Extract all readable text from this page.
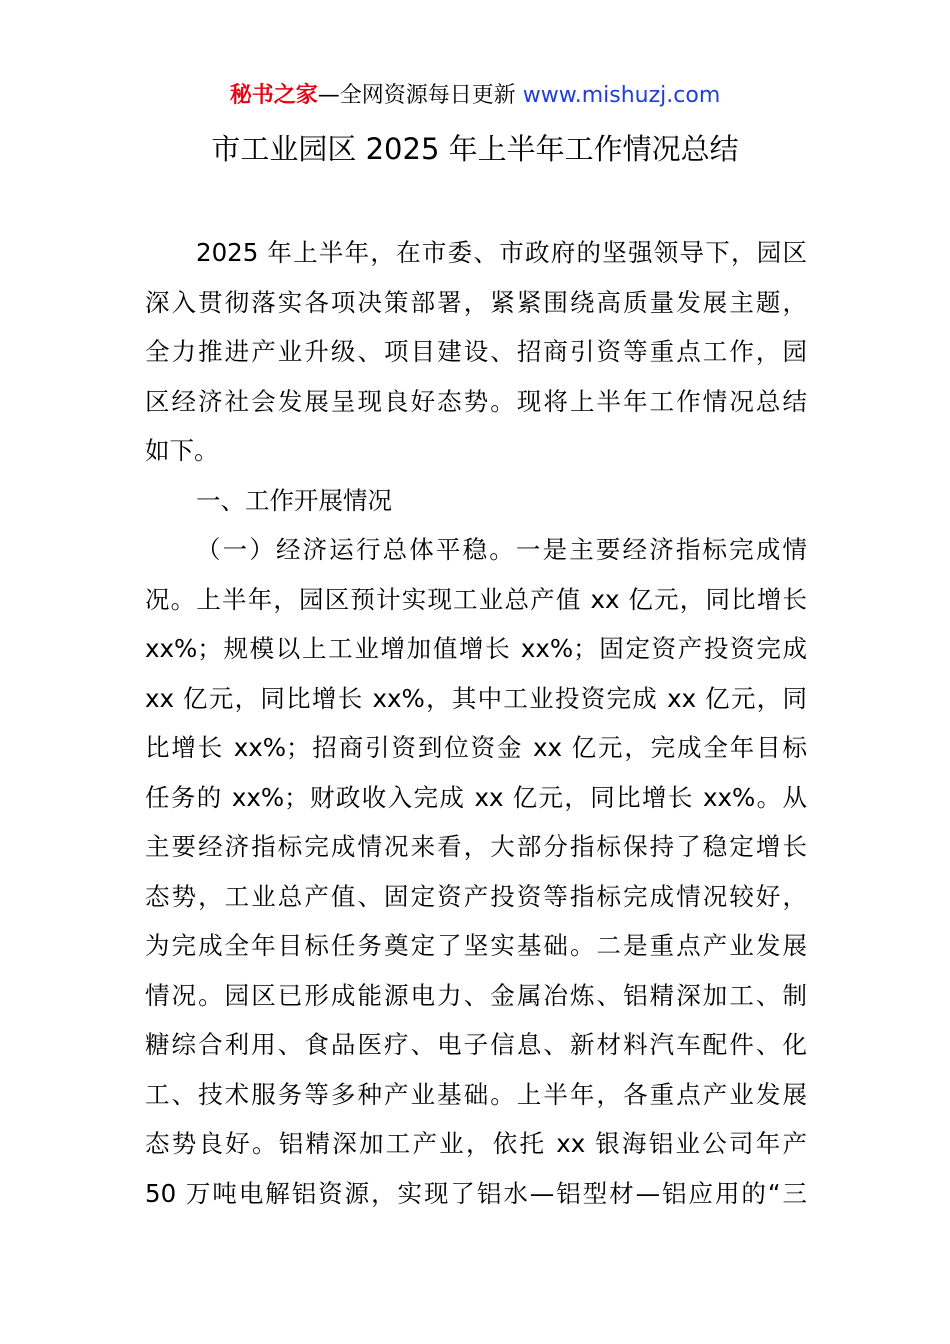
秘书之家—全网资源每日更新 www.mishuzj.com
市工业园区 2025 年上半年工作情况总结
2025 年上半年，在市委、市政府的坚强领导下，园区
深入贯彻落实各项决策部署，紧紧围绕高质量发展主题，
全力推进产业升级、项目建设、招商引资等重点工作，园
区经济社会发展呈现良好态势。现将上半年工作情况总结
如下。
一、工作开展情况
（一）经济运行总体平稳。一是主要经济指标完成情
况。上半年，园区预计实现工业总产值 xx 亿元，同比增长
xx%；规模以上工业增加值增长 xx%；固定资产投资完成
xx 亿元，同比增长 xx%，其中工业投资完成 xx 亿元，同
比增长 xx%；招商引资到位资金 xx 亿元，完成全年目标
任务的 xx%；财政收入完成 xx 亿元，同比增长 xx%。从
主要经济指标完成情况来看，大部分指标保持了稳定增长
态势，工业总产值、固定资产投资等指标完成情况较好，
为完成全年目标任务奠定了坚实基础。二是重点产业发展
情况。园区已形成能源电力、金属冶炼、铝精深加工、制
糖综合利用、食品医疗、电子信息、新材料汽车配件、化
工、技术服务等多种产业基础。上半年，各重点产业发展
态势良好。铝精深加工产业，依托 xx 银海铝业公司年产
50 万吨电解铝资源，实现了铝水—铝型材—铝应用的“三
